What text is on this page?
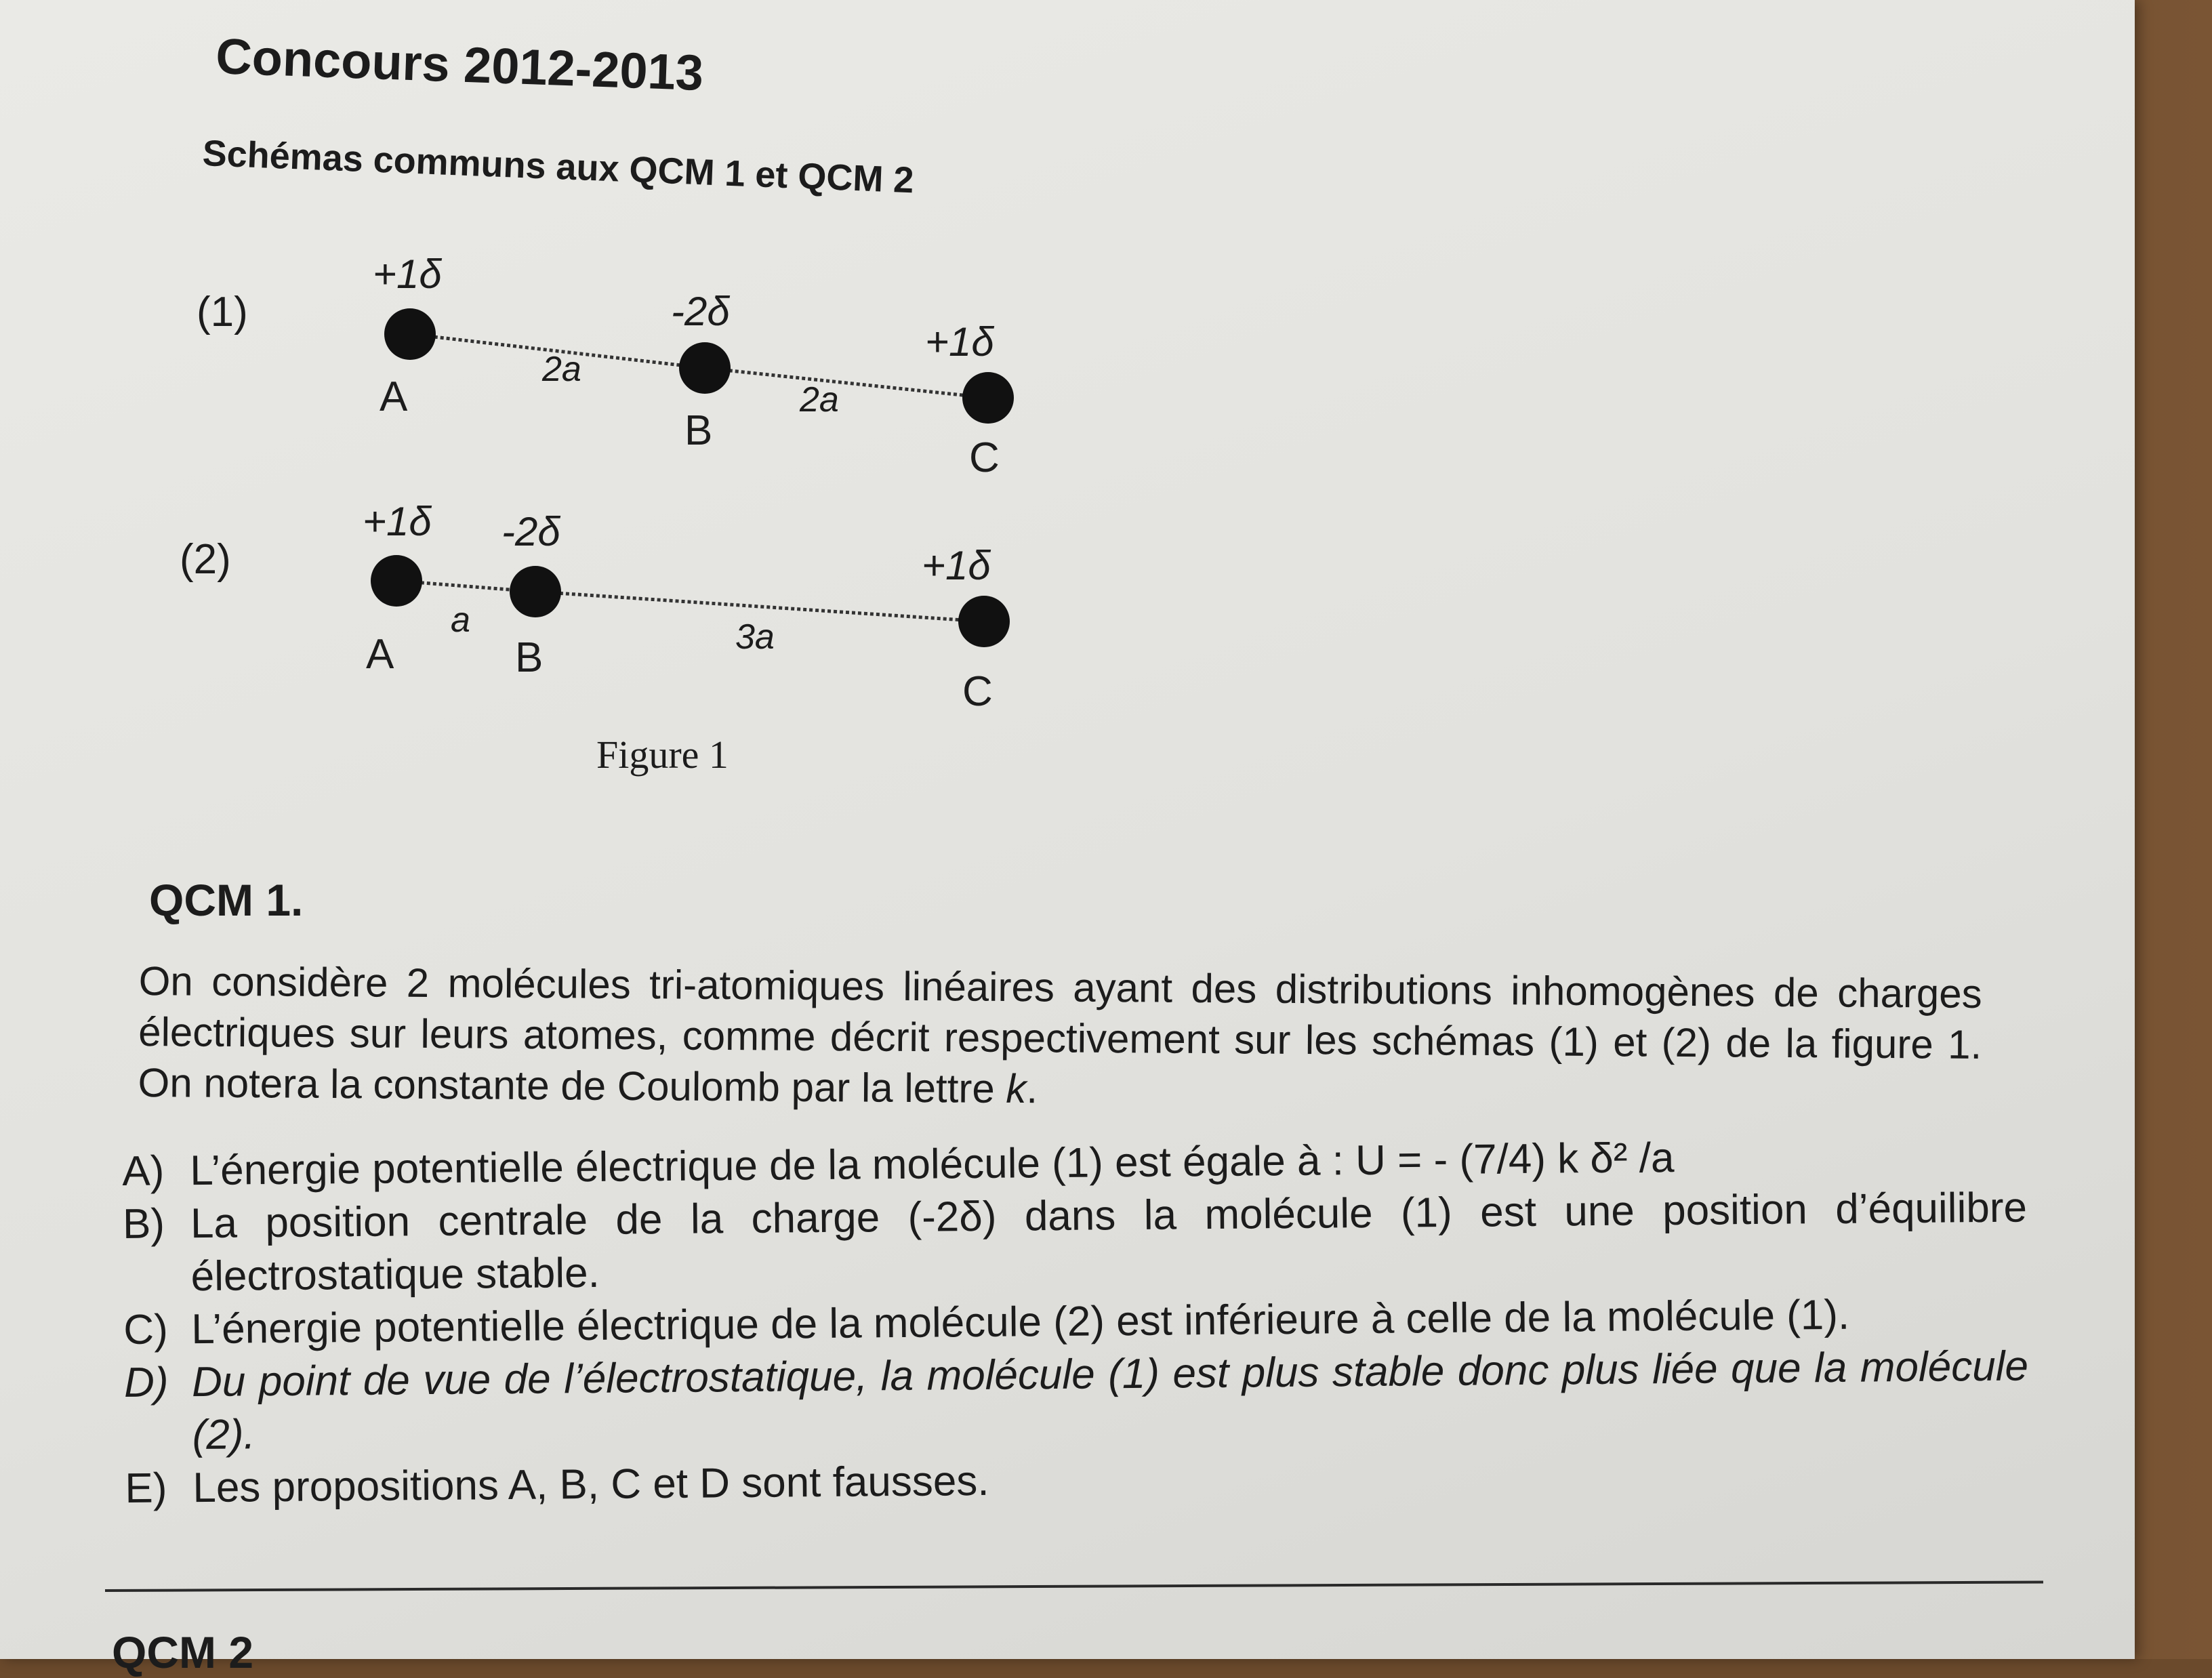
Concours 2012-2013
Schémas communs aux QCM 1 et QCM 2
(1)
(2)
+1δ
-2δ
+1δ
A
B
C
2a
2a
+1δ -2δ
+1δ
A	B
C
a	3a
Figure 1
QCM 1.
On considère 2 molécules tri-atomiques linéaires ayant des distributions inhomogènes de charges électriques sur leurs atomes, comme décrit respectivement sur les schémas (1) et (2) de la figure 1. On notera la constante de Coulomb par la lettre k.
A) L’énergie potentielle électrique de la molécule (1) est égale à : U = - (7/4) k δ² /a
B) La position centrale de la charge (-2δ) dans la molécule (1) est une position d’équilibre électrostatique stable.
C) L’énergie potentielle électrique de la molécule (2) est inférieure à celle de la molécule (1).
D) Du point de vue de l’électrostatique, la molécule (1) est plus stable donc plus liée que la molécule (2).
E) Les propositions A, B, C et D sont fausses.
QCM 2
